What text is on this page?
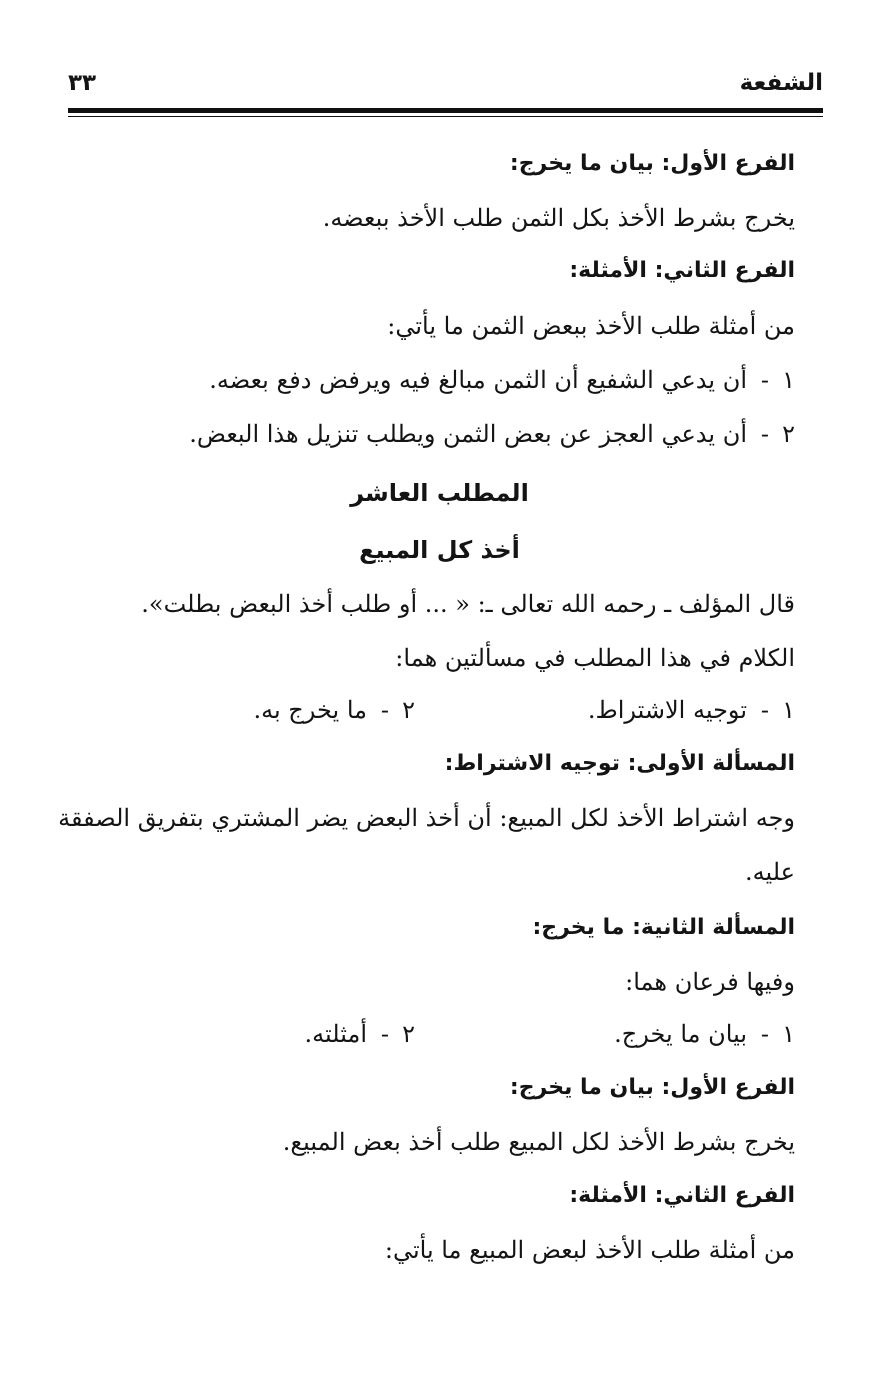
الشفعة
٣٣
الفرع الأول: بيان ما يخرج:
يخرج بشرط الأخذ بكل الثمن طلب الأخذ ببعضه.
الفرع الثاني: الأمثلة:
من أمثلة طلب الأخذ ببعض الثمن ما يأتي:
١-أن يدعي الشفيع أن الثمن مبالغ فيه ويرفض دفع بعضه.
٢-أن يدعي العجز عن بعض الثمن ويطلب تنزيل هذا البعض.
المطلب العاشر
أخذ كل المبيع
قال المؤلف ـ رحمه الله تعالى ـ: « ... أو طلب أخذ البعض بطلت».
الكلام في هذا المطلب في مسألتين هما:
١-توجيه الاشتراط.
٢-ما يخرج به.
المسألة الأولى: توجيه الاشتراط:
وجه اشتراط الأخذ لكل المبيع: أن أخذ البعض يضر المشتري بتفريق الصفقة
عليه.
المسألة الثانية: ما يخرج:
وفيها فرعان هما:
١-بيان ما يخرج.
٢-أمثلته.
الفرع الأول: بيان ما يخرج:
يخرج بشرط الأخذ لكل المبيع طلب أخذ بعض المبيع.
الفرع الثاني: الأمثلة:
من أمثلة طلب الأخذ لبعض المبيع ما يأتي:
